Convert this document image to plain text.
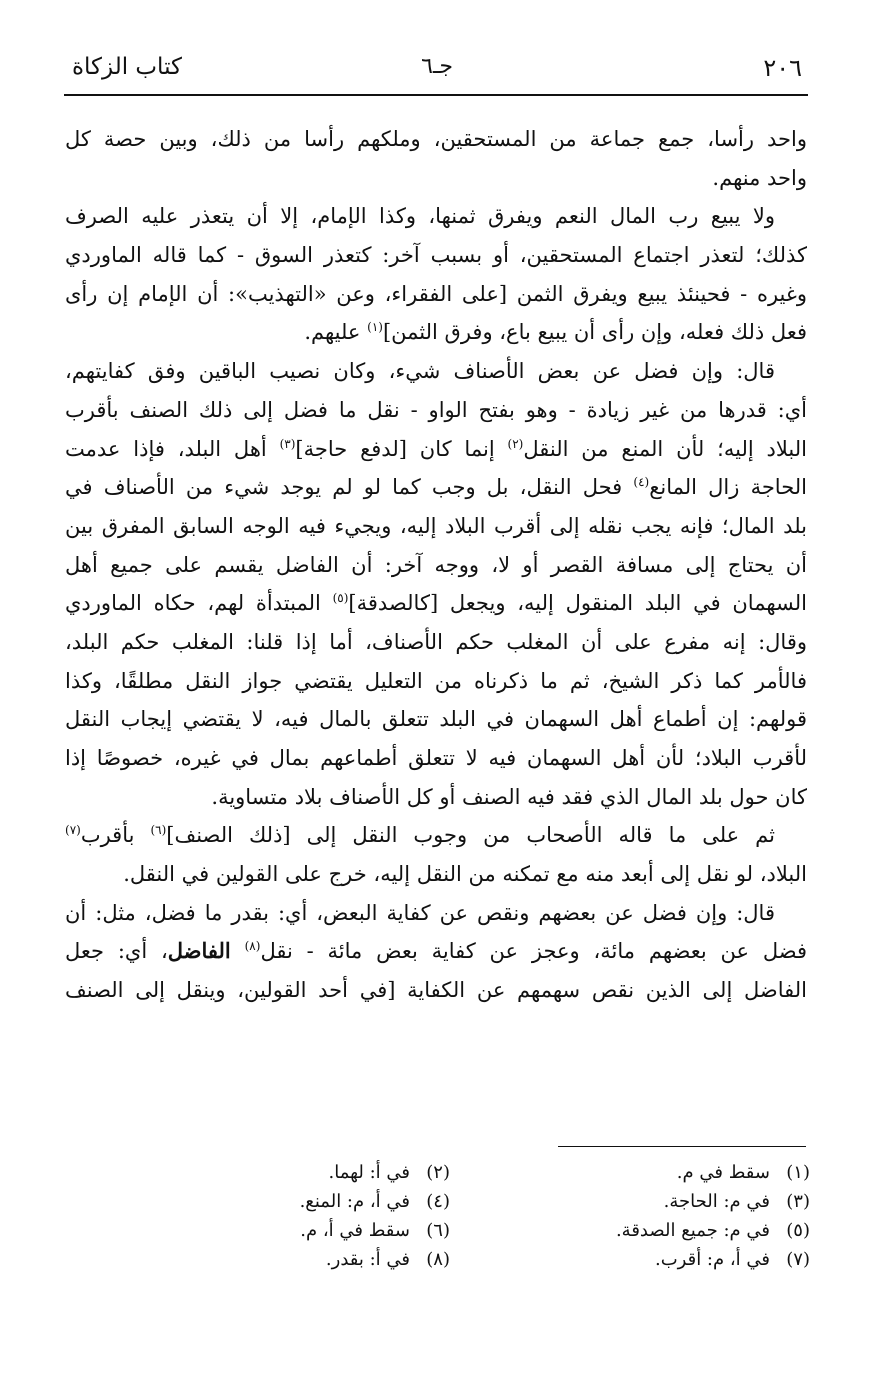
٢٠٦
جـ٦
كتاب الزكاة
واحد رأسا، جمع جماعة من المستحقين، وملكهم رأسا من ذلك، وبين حصة كل
واحد منهم.
ولا يبيع رب المال النعم ويفرق ثمنها، وكذا الإمام، إلا أن يتعذر عليه الصرف
كذلك؛ لتعذر اجتماع المستحقين، أو بسبب آخر: كتعذر السوق - كما قاله الماوردي
وغيره - فحينئذ يبيع ويفرق الثمن [على الفقراء، وعن «التهذيب»: أن الإمام إن رأى
فعل ذلك فعله، وإن رأى أن يبيع باع، وفرق الثمن]$^{(١)}$ عليهم.
قال: وإن فضل عن بعض الأصناف شيء، وكان نصيب الباقين وفق كفايتهم،
أي: قدرها من غير زيادة - وهو بفتح الواو - نقل ما فضل إلى ذلك الصنف بأقرب
البلاد إليه؛ لأن المنع من النقل$^{(٢)}$ إنما كان [لدفع حاجة]$^{(٣)}$ أهل البلد، فإذا عدمت
الحاجة زال المانع$^{(٤)}$ فحل النقل، بل وجب كما لو لم يوجد شيء من الأصناف في
بلد المال؛ فإنه يجب نقله إلى أقرب البلاد إليه، ويجيء فيه الوجه السابق المفرق بين
أن يحتاج إلى مسافة القصر أو لا، ووجه آخر: أن الفاضل يقسم على جميع أهل
السهمان في البلد المنقول إليه، ويجعل [كالصدقة]$^{(٥)}$ المبتدأة لهم، حكاه الماوردي
وقال: إنه مفرع على أن المغلب حكم الأصناف، أما إذا قلنا: المغلب حكم البلد،
فالأمر كما ذكر الشيخ، ثم ما ذكرناه من التعليل يقتضي جواز النقل مطلقًا، وكذا
قولهم: إن أطماع أهل السهمان في البلد تتعلق بالمال فيه، لا يقتضي إيجاب النقل
لأقرب البلاد؛ لأن أهل السهمان فيه لا تتعلق أطماعهم بمال في غيره، خصوصًا إذا
كان حول بلد المال الذي فقد فيه الصنف أو كل الأصناف بلاد متساوية.
ثم على ما قاله الأصحاب من وجوب النقل إلى [ذلك الصنف]$^{(٦)}$ بأقرب$^{(٧)}$
البلاد، لو نقل إلى أبعد منه مع تمكنه من النقل إليه، خرج على القولين في النقل.
قال: وإن فضل عن بعضهم ونقص عن كفاية البعض، أي: بقدر ما فضل، مثل: أن
فضل عن بعضهم مائة، وعجز عن كفاية بعض مائة - نقل$^{(٨)}$ الفاضل، أي: جعل
الفاضل إلى الذين نقص سهمهم عن الكفاية [في أحد القولين، وينقل إلى الصنف
(١)سقط في م.
(٢)في أ: لهما.
(٣)في م: الحاجة.
(٤)في أ، م: المنع.
(٥)في م: جميع الصدقة.
(٦)سقط في أ، م.
(٧)في أ، م: أقرب.
(٨)في أ: بقدر.
